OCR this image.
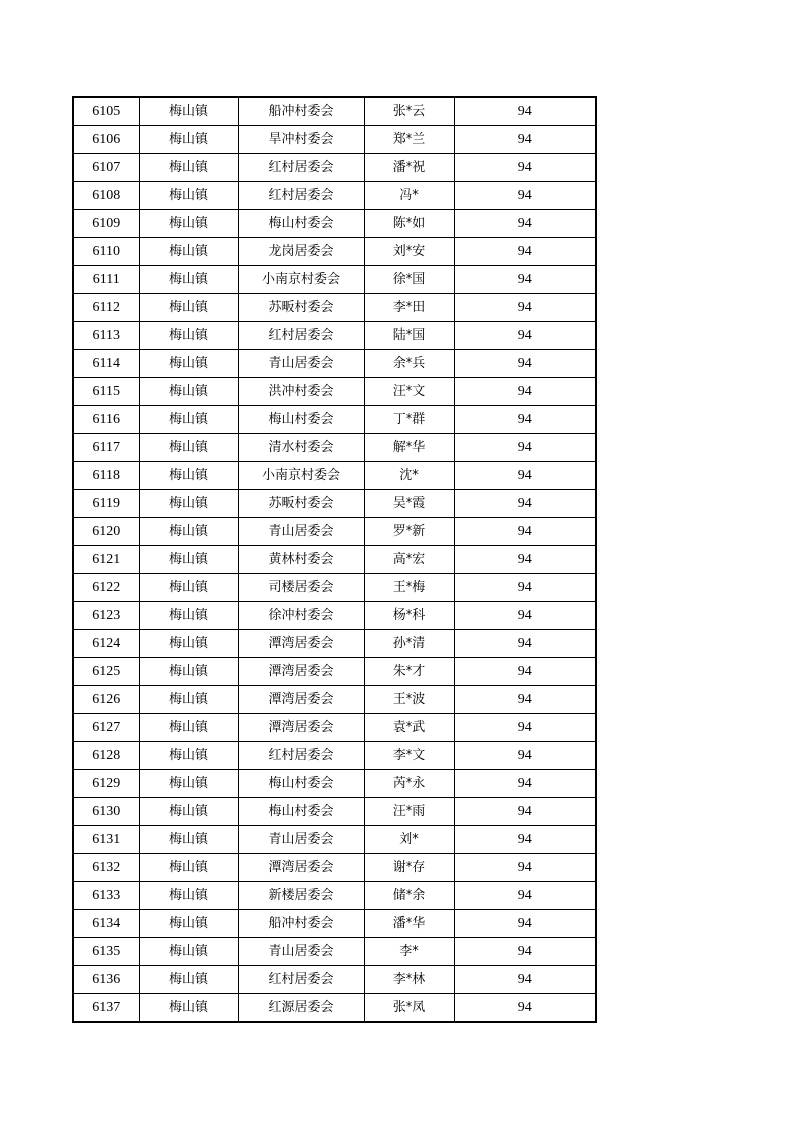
6105	梅山镇	船冲村委会	张*云	94
6106	梅山镇	旱冲村委会	郑*兰	94
6107	梅山镇	红村居委会	潘*祝	94
6108	梅山镇	红村居委会	冯*	94
6109	梅山镇	梅山村委会	陈*如	94
6110	梅山镇	龙岗居委会	刘*安	94
6111	梅山镇	小南京村委会	徐*国	94
6112	梅山镇	苏畈村委会	李*田	94
6113	梅山镇	红村居委会	陆*国	94
6114	梅山镇	青山居委会	余*兵	94
6115	梅山镇	洪冲村委会	汪*文	94
6116	梅山镇	梅山村委会	丁*群	94
6117	梅山镇	清水村委会	解*华	94
6118	梅山镇	小南京村委会	沈*	94
6119	梅山镇	苏畈村委会	吴*霞	94
6120	梅山镇	青山居委会	罗*新	94
6121	梅山镇	黄林村委会	高*宏	94
6122	梅山镇	司楼居委会	王*梅	94
6123	梅山镇	徐冲村委会	杨*科	94
6124	梅山镇	潭湾居委会	孙*清	94
6125	梅山镇	潭湾居委会	朱*才	94
6126	梅山镇	潭湾居委会	王*波	94
6127	梅山镇	潭湾居委会	袁*武	94
6128	梅山镇	红村居委会	李*文	94
6129	梅山镇	梅山村委会	芮*永	94
6130	梅山镇	梅山村委会	汪*雨	94
6131	梅山镇	青山居委会	刘*	94
6132	梅山镇	潭湾居委会	谢*存	94
6133	梅山镇	新楼居委会	储*余	94
6134	梅山镇	船冲村委会	潘*华	94
6135	梅山镇	青山居委会	李*	94
6136	梅山镇	红村居委会	李*林	94
6137	梅山镇	红源居委会	张*凤	94
